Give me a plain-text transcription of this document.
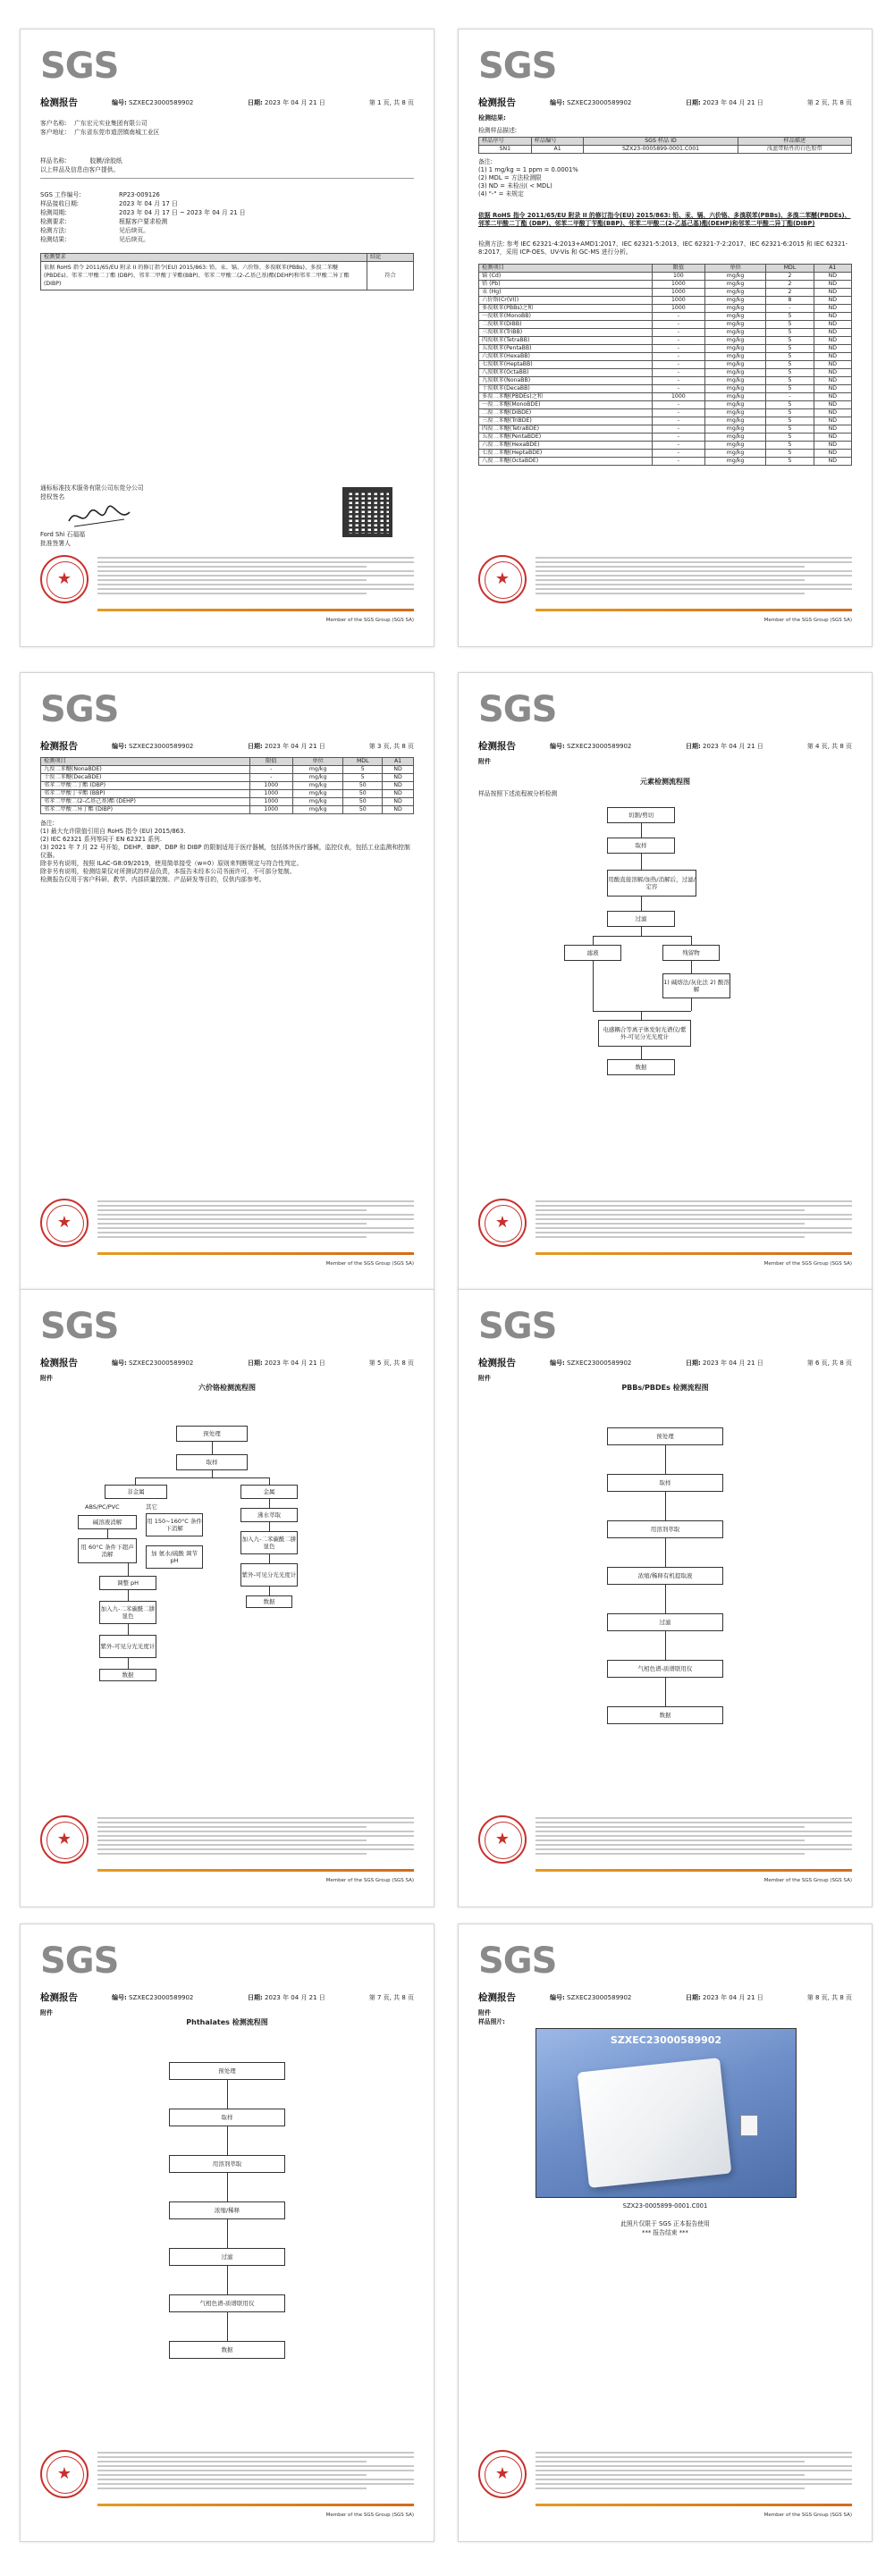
SGS
检测报告	编号: SZXEC23000589902	日期: 2023 年 04 月 21 日	第 1 页, 共 8 页
客户名称: 广东宏元实业集团有限公司
客户地址: 广东省东莞市道滘镇南城工业区
样品名称:	胶膜/涂胶纸
以上样品及信息由客户提供。
SGS 工作编号:	RP23-009126
样品接收日期:	2023 年 04 月 17 日
检测周期:	2023 年 04 月 17 日 ~ 2023 年 04 月 21 日
检测要求:	根据客户要求检测
检测方法:	见后续页。
检测结果:	见后续页。
检测要求	结论
依据 RoHS 指令 2011/65/EU 附录 II 的修订指令(EU) 2015/863: 铅、汞、镉、六价铬、多溴联苯(PBBs)、多溴二苯醚(PBDEs)、邻苯二甲酸二丁酯 (DBP)、邻苯二甲酸丁苄酯(BBP)、邻苯二甲酸二(2-乙基己基)酯(DEHP)和邻苯二甲酸二异丁酯(DIBP)	符合
通标标准技术服务有限公司东莞分公司
授权签名
Ford Shi 石福福
批准签署人
★
Member of the SGS Group (SGS SA)
SGS
检测报告	编号: SZXEC23000589902	日期: 2023 年 04 月 21 日	第 2 页, 共 8 页
检测结果:
检测样品描述:
样品序号	样品编号	SGS 样品 ID	样品描述
SN1	A1	SZX23-0005899-0001.C001	浅蓝带粘性的白色胶带
备注:
(1) 1 mg/kg = 1 ppm = 0.0001%
(2) MDL = 方法检测限
(3) ND = 未检出( < MDL)
(4) "-" = 未规定
依据 RoHS 指令 2011/65/EU 附录 II 的修订指令(EU) 2015/863: 铅、汞、镉、六价铬、多溴联苯(PBBs)、多溴二苯醚(PBDEs)、邻苯二甲酸二丁酯 (DBP)、邻苯二甲酸丁苄酯(BBP)、邻苯二甲酸二(2-乙基己基)酯(DEHP)和邻苯二甲酸二异丁酯(DIBP)
检测方法: 参考 IEC 62321-4:2013+AMD1:2017、IEC 62321-5:2013、IEC 62321-7-2:2017、IEC 62321-6:2015 和 IEC 62321-8:2017，采用 ICP-OES、UV-Vis 和 GC-MS 进行分析。
检测项目	限值	单位	MDL	A1
镉 (Cd)	100	mg/kg	2	ND
铅 (Pb)	1000	mg/kg	2	ND
汞 (Hg)	1000	mg/kg	2	ND
六价铬(Cr(VI))	1000	mg/kg	8	ND
多溴联苯(PBBs)之和	1000	mg/kg	-	ND
一溴联苯(MonoBB)	-	mg/kg	5	ND
二溴联苯(DiBB)	-	mg/kg	5	ND
三溴联苯(TriBB)	-	mg/kg	5	ND
四溴联苯(TetraBB)	-	mg/kg	5	ND
五溴联苯(PentaBB)	-	mg/kg	5	ND
六溴联苯(HexaBB)	-	mg/kg	5	ND
七溴联苯(HeptaBB)	-	mg/kg	5	ND
八溴联苯(OctaBB)	-	mg/kg	5	ND
九溴联苯(NonaBB)	-	mg/kg	5	ND
十溴联苯(DecaBB)	-	mg/kg	5	ND
多溴二苯醚(PBDEs)之和	1000	mg/kg	-	ND
一溴二苯醚(MonoBDE)	-	mg/kg	5	ND
二溴二苯醚(DiBDE)	-	mg/kg	5	ND
三溴二苯醚(TriBDE)	-	mg/kg	5	ND
四溴二苯醚(TetraBDE)	-	mg/kg	5	ND
五溴二苯醚(PentaBDE)	-	mg/kg	5	ND
六溴二苯醚(HexaBDE)	-	mg/kg	5	ND
七溴二苯醚(HeptaBDE)	-	mg/kg	5	ND
八溴二苯醚(OctaBDE)	-	mg/kg	5	ND
★
Member of the SGS Group (SGS SA)
SGS
检测报告	编号: SZXEC23000589902	日期: 2023 年 04 月 21 日	第 3 页, 共 8 页
检测项目	限值	单位	MDL	A1
九溴二苯醚(NonaBDE)	-	mg/kg	5	ND
十溴二苯醚(DecaBDE)	-	mg/kg	5	ND
邻苯二甲酸二丁酯 (DBP)	1000	mg/kg	50	ND
邻苯二甲酸丁苄酯 (BBP)	1000	mg/kg	50	ND
邻苯二甲酸二(2-乙基己基)酯 (DEHP)	1000	mg/kg	50	ND
邻苯二甲酸二异丁酯 (DIBP)	1000	mg/kg	50	ND
备注:
(1) 最大允许限值引用自 RoHS 指令 (EU) 2015/863.
(2) IEC 62321 系列等同于 EN 62321 系列.
(3) 2021 年 7 月 22 号开始，DEHP、BBP、DBP 和 DIBP 的限制适用于医疗器械，包括体外医疗器械，监控仪表，包括工业监测和控制仪器。
除非另有说明，按照 ILAC-G8:09/2019，使用简单接受（w=0）原则来判断规定与符合性判定。
除非另有说明，检测结果仅对所测试的样品负责，本报告未经本公司书面许可，不可部分复制。
检测报告仅用于客户科研、教学、内部质量控制、产品研发等目的，仅供内部参考。
★
Member of the SGS Group (SGS SA)
SGS
检测报告	编号: SZXEC23000589902	日期: 2023 年 04 月 21 日	第 4 页, 共 8 页
附件
元素检测流程图
样品按照下述流程被分析检测
切割/剪切
取样
用酸直接溶解/加热/消解后，过滤/定容
过滤
滤液	残留物
1) 碱熔法/灰化法 2) 酸溶解
电感耦合等离子体发射光谱仪/紫外-可见分光光度计
数据
★
Member of the SGS Group (SGS SA)
SGS
检测报告	编号: SZXEC23000589902	日期: 2023 年 04 月 21 日	第 5 页, 共 8 页
附件
六价铬检测流程图
预处理
取样
非金属	金属
ABS/PC/PVC	其它
碱溶液消解	用 150~160°C 条件下消解
沸水萃取
用 60°C 条件下超声消解	加 氨水/硫酸 调节 pH
加入九-二苯碳酰二肼显色
紫外-可见分光光度计
数据
调整 pH
加入九-二苯碳酰二肼显色
紫外-可见分光光度计
数据
★
Member of the SGS Group (SGS SA)
SGS
检测报告	编号: SZXEC23000589902	日期: 2023 年 04 月 21 日	第 6 页, 共 8 页
附件
PBBs/PBDEs 检测流程图
预处理
取样
用溶剂萃取
浓缩/稀释有机提取液
过滤
气相色谱-质谱联用仪
数据
★
Member of the SGS Group (SGS SA)
SGS
检测报告	编号: SZXEC23000589902	日期: 2023 年 04 月 21 日	第 7 页, 共 8 页
附件
Phthalates 检测流程图
预处理
取样
用溶剂萃取
浓缩/稀释
过滤
气相色谱-质谱联用仪
数据
★
Member of the SGS Group (SGS SA)
SGS
检测报告	编号: SZXEC23000589902	日期: 2023 年 04 月 21 日	第 8 页, 共 8 页
附件
样品照片:
SZXEC23000589902
SZX23-0005899-0001.C001
此照片仅限于 SGS 正本报告使用
*** 报告结束 ***
★
Member of the SGS Group (SGS SA)
